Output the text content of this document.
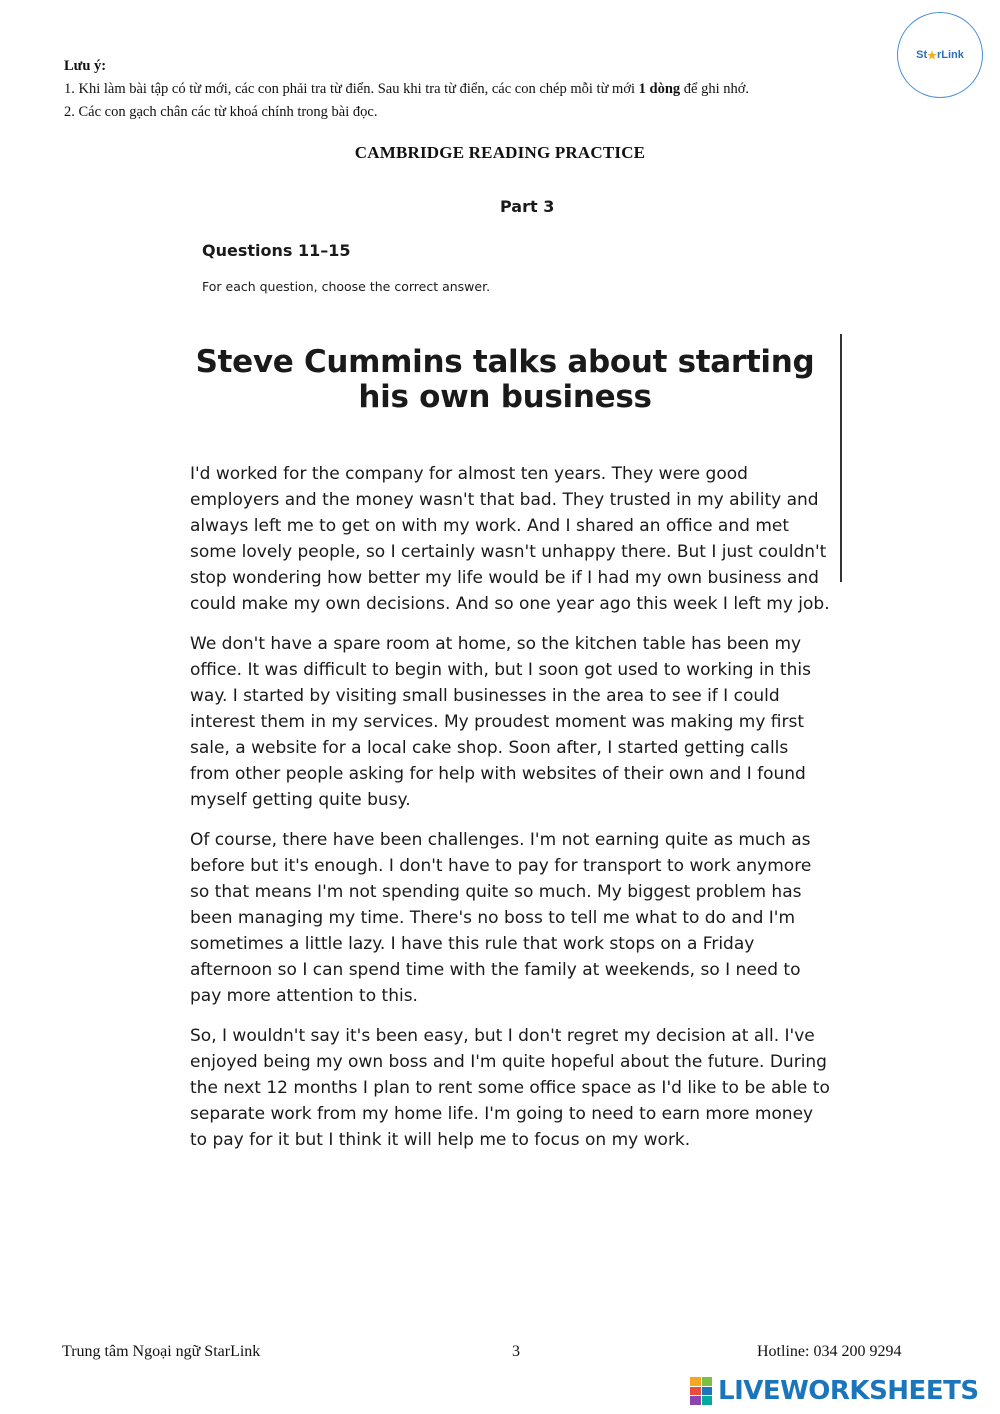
Lưu ý:
1. Khi làm bài tập có từ mới, các con phải tra từ điển. Sau khi tra từ điển, các con chép mỗi từ mới 1 dòng để ghi nhớ.
2. Các con gạch chân các từ khoá chính trong bài đọc.
St ★ rLink
CAMBRIDGE READING PRACTICE
Part 3
Questions 11–15
For each question, choose the correct answer.
Steve Cummins talks about starting
his own business

I'd worked for the company for almost ten years. They were good employers and the money wasn't that bad. They trusted in my ability and always left me to get on with my work. And I shared an office and met some lovely people, so I certainly wasn't unhappy there. But I just couldn't stop wondering how better my life would be if I had my own business and could make my own decisions. And so one year ago this week I left my job.

We don't have a spare room at home, so the kitchen table has been my office. It was difficult to begin with, but I soon got used to working in this way. I started by visiting small businesses in the area to see if I could interest them in my services. My proudest moment was making my first sale, a website for a local cake shop. Soon after, I started getting calls from other people asking for help with websites of their own and I found myself getting quite busy.

Of course, there have been challenges. I'm not earning quite as much as before but it's enough. I don't have to pay for transport to work anymore so that means I'm not spending quite so much. My biggest problem has been managing my time. There's no boss to tell me what to do and I'm sometimes a little lazy. I have this rule that work stops on a Friday afternoon so I can spend time with the family at weekends, so I need to pay more attention to this.

So, I wouldn't say it's been easy, but I don't regret my decision at all. I've enjoyed being my own boss and I'm quite hopeful about the future. During the next 12 months I plan to rent some office space as I'd like to be able to separate work from my home life. I'm going to need to earn more money to pay for it but I think it will help me to focus on my work.

Trung tâm Ngoại ngữ StarLink	3	Hotline: 034 200 9294
LIVEWORKSHEETS
